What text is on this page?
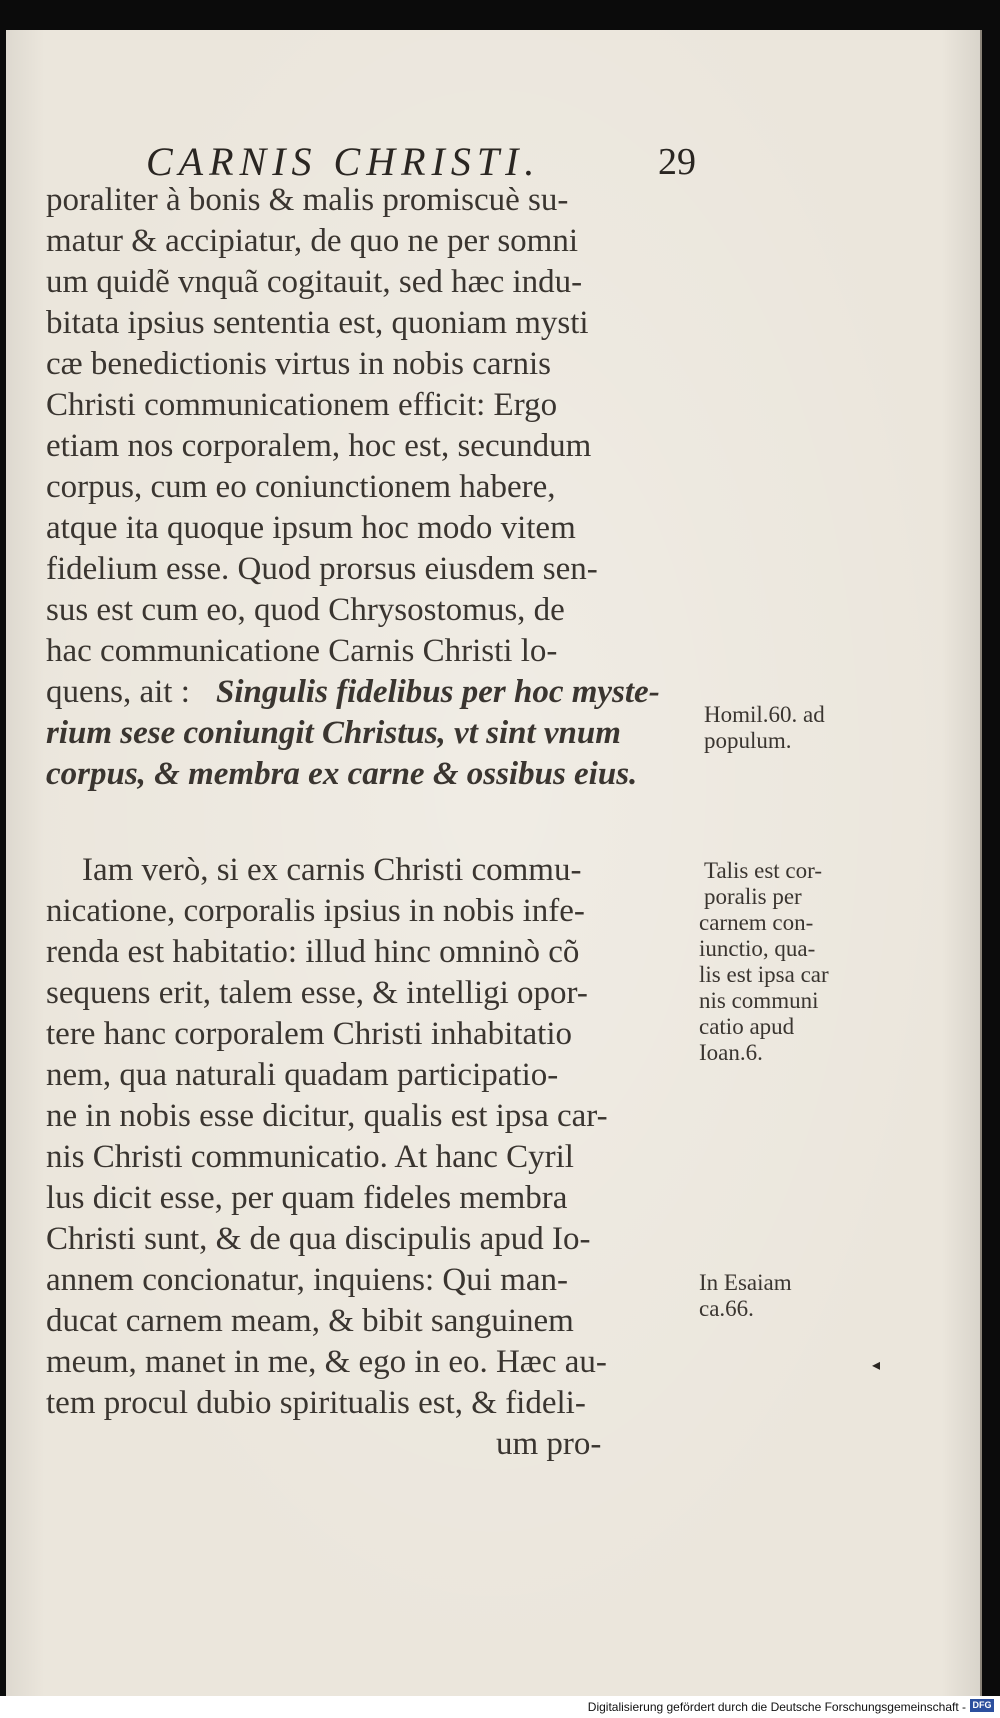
CARNIS CHRISTI.	29
poraliter à bonis & malis promiscuè su-
matur & accipiatur, de quo ne per somni
um quidẽ vnquã cogitauit, sed hæc indu-
bitata ipsius sententia est, quoniam mysti
cæ benedictionis virtus in nobis carnis
Christi communicationem efficit: Ergo
etiam nos corporalem, hoc est, secundum
corpus, cum eo coniunctionem habere,
atque ita quoque ipsum hoc modo vitem
fidelium esse. Quod prorsus eiusdem sen-
sus est cum eo, quod Chrysostomus, de
hac communicatione Carnis Christi lo-
quens, ait : Singulis fidelibus per hoc myste-
rium sese coniungit Christus, vt sint vnum
corpus, & membra ex carne & ossibus eius.
Iam verò, si ex carnis Christi commu-
nicatione, corporalis ipsius in nobis infe-
renda est habitatio: illud hinc omninò cõ
sequens erit, talem esse, & intelligi opor-
tere hanc corporalem Christi inhabitatio
nem, qua naturali quadam participatio-
ne in nobis esse dicitur, qualis est ipsa car-
nis Christi communicatio. At hanc Cyril
lus dicit esse, per quam fideles membra
Christi sunt, & de qua discipulis apud Io-
annem concionatur, inquiens: Qui man-
ducat carnem meam, & bibit sanguinem
meum, manet in me, & ego in eo. Hæc au-
tem procul dubio spiritualis est, & fideli-
um pro-
Homil.60. ad
populum.
Talis est cor-
poralis per
carnem con-
iunctio, qua-
lis est ipsa car
nis communi
catio apud
Ioan.6.
In Esaiam
ca.66.
◂
Digitalisierung gefördert durch die Deutsche Forschungsgemeinschaft - DFG
